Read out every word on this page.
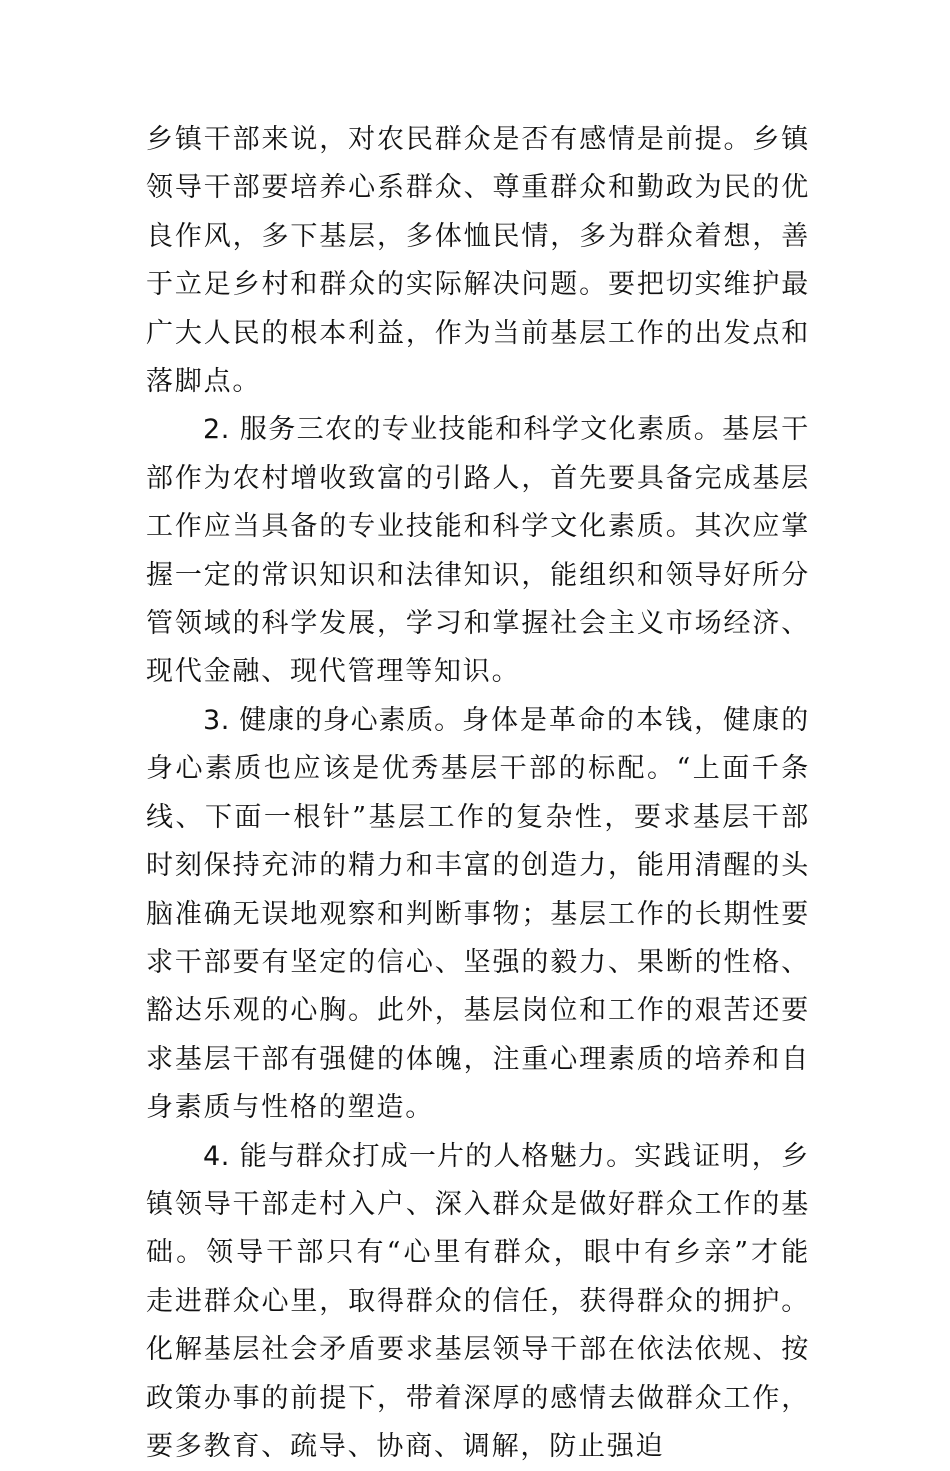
乡镇干部来说，对农民群众是否有感情是前提。乡镇领导干部要培养心系群众、尊重群众和勤政为民的优良作风，多下基层，多体恤民情，多为群众着想，善于立足乡村和群众的实际解决问题。要把切实维护最广大人民的根本利益，作为当前基层工作的出发点和落脚点。

2. 服务三农的专业技能和科学文化素质。基层干部作为农村增收致富的引路人，首先要具备完成基层工作应当具备的专业技能和科学文化素质。其次应掌握一定的常识知识和法律知识，能组织和领导好所分管领域的科学发展，学习和掌握社会主义市场经济、现代金融、现代管理等知识。

3. 健康的身心素质。身体是革命的本钱，健康的身心素质也应该是优秀基层干部的标配。“上面千条线、下面一根针”基层工作的复杂性，要求基层干部时刻保持充沛的精力和丰富的创造力，能用清醒的头脑准确无误地观察和判断事物；基层工作的长期性要求干部要有坚定的信心、坚强的毅力、果断的性格、豁达乐观的心胸。此外，基层岗位和工作的艰苦还要求基层干部有强健的体魄，注重心理素质的培养和自身素质与性格的塑造。

4. 能与群众打成一片的人格魅力。实践证明，乡镇领导干部走村入户、深入群众是做好群众工作的基础。领导干部只有“心里有群众，眼中有乡亲”才能走进群众心里，取得群众的信任，获得群众的拥护。化解基层社会矛盾要求基层领导干部在依法依规、按政策办事的前提下，带着深厚的感情去做群众工作，要多教育、疏导、协商、调解，防止强迫
